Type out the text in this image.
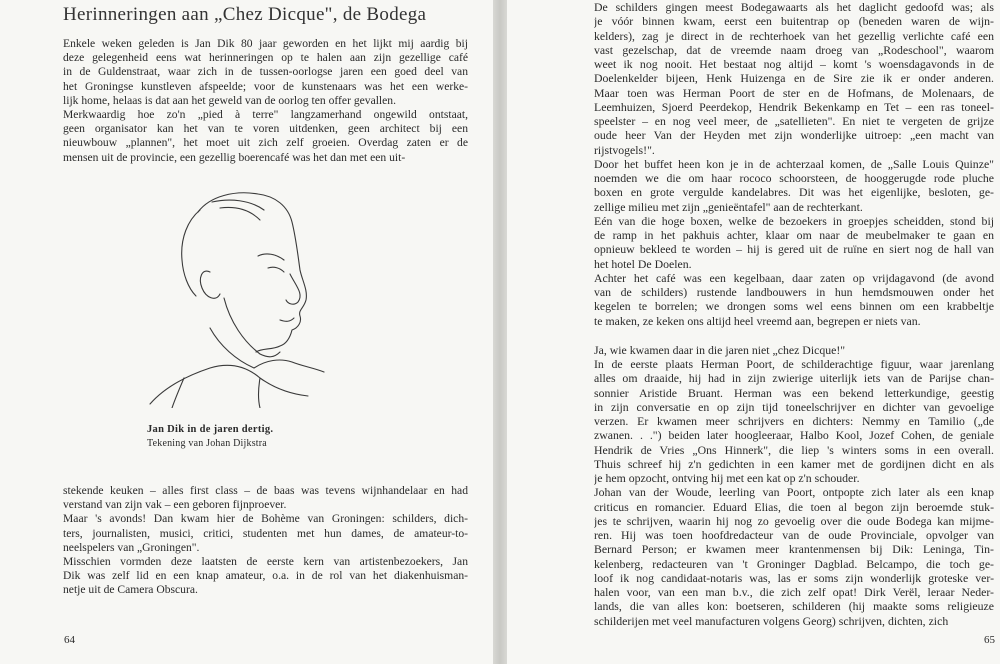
Herinneringen aan „Chez Dicque", de Bodega
Enkele weken geleden is Jan Dik 80 jaar geworden en het lijkt mij aardig bij
deze gelegenheid eens wat herinneringen op te halen aan zijn gezellige café
in de Guldenstraat, waar zich in de tussen-oorlogse jaren een goed deel van
het Groningse kunstleven afspeelde; voor de kunstenaars was het een werke-
lijk home, helaas is dat aan het geweld van de oorlog ten offer gevallen.
Merkwaardig hoe zo'n „pied à terre" langzamerhand ongewild ontstaat,
geen organisator kan het van te voren uitdenken, geen architect bij een
nieuwbouw „plannen", het moet uit zich zelf groeien. Overdag zaten er de
mensen uit de provincie, een gezellig boerencafé was het dan met een uit-
Jan Dik in de jaren dertig.
Tekening van Johan Dijkstra
stekende keuken – alles first class – de baas was tevens wijnhandelaar en had
verstand van zijn vak – een geboren fijnproever.
Maar 's avonds! Dan kwam hier de Bohème van Groningen: schilders, dich-
ters, journalisten, musici, critici, studenten met hun dames, de amateur-to-
neelspelers van „Groningen".
Misschien vormden deze laatsten de eerste kern van artistenbezoekers, Jan
Dik was zelf lid en een knap amateur, o.a. in de rol van het diakenhuisman-
netje uit de Camera Obscura.
64	65
De schilders gingen meest Bodegawaarts als het daglicht gedoofd was; als
je vóór binnen kwam, eerst een buitentrap op (beneden waren de wijn-
kelders), zag je direct in de rechterhoek van het gezellig verlichte café een
vast gezelschap, dat de vreemde naam droeg van „Rodeschool", waarom
weet ik nog nooit. Het bestaat nog altijd – komt 's woensdagavonds in de
Doelenkelder bijeen, Henk Huizenga en de Sire zie ik er onder anderen.
Maar toen was Herman Poort de ster en de Hofmans, de Molenaars, de
Leemhuizen, Sjoerd Peerdekop, Hendrik Bekenkamp en Tet – een ras toneel-
speelster – en nog veel meer, de „satellieten". En niet te vergeten de grijze
oude heer Van der Heyden met zijn wonderlijke uitroep: „een macht van
rijstvogels!".
Door het buffet heen kon je in de achterzaal komen, de „Salle Louis Quinze"
noemden we die om haar rococo schoorsteen, de hooggerugde rode pluche
boxen en grote vergulde kandelabres. Dit was het eigenlijke, besloten, ge-
zellige milieu met zijn „genieëntafel" aan de rechterkant.
Eén van die hoge boxen, welke de bezoekers in groepjes scheidden, stond bij
de ramp in het pakhuis achter, klaar om naar de meubelmaker te gaan en
opnieuw bekleed te worden – hij is gered uit de ruïne en siert nog de hall van
het hotel De Doelen.
Achter het café was een kegelbaan, daar zaten op vrijdagavond (de avond
van de schilders) rustende landbouwers in hun hemdsmouwen onder het
kegelen te borrelen; we drongen soms wel eens binnen om een krabbeltje
te maken, ze keken ons altijd heel vreemd aan, begrepen er niets van.
Ja, wie kwamen daar in die jaren niet „chez Dicque!"
In de eerste plaats Herman Poort, de schilderachtige figuur, waar jarenlang
alles om draaide, hij had in zijn zwierige uiterlijk iets van de Parijse chan-
sonnier Aristide Bruant. Herman was een bekend letterkundige, geestig
in zijn conversatie en op zijn tijd toneelschrijver en dichter van gevoelige
verzen. Er kwamen meer schrijvers en dichters: Nemmy en Tamilio („de
zwanen. . .") beiden later hoogleeraar, Halbo Kool, Jozef Cohen, de geniale
Hendrik de Vries „Ons Hinnerk", die liep 's winters soms in een overall.
Thuis schreef hij z'n gedichten in een kamer met de gordijnen dicht en als
je hem opzocht, ontving hij met een kat op z'n schouder.
Johan van der Woude, leerling van Poort, ontpopte zich later als een knap
criticus en romancier. Eduard Elias, die toen al begon zijn beroemde stuk-
jes te schrijven, waarin hij nog zo gevoelig over die oude Bodega kan mijme-
ren. Hij was toen hoofdredacteur van de oude Provinciale, opvolger van
Bernard Person; er kwamen meer krantenmensen bij Dik: Leninga, Tin-
kelenberg, redacteuren van 't Groninger Dagblad. Belcampo, die toch ge-
loof ik nog candidaat-notaris was, las er soms zijn wonderlijk groteske ver-
halen voor, van een man b.v., die zich zelf opat! Dirk Verël, leraar Neder-
lands, die van alles kon: boetseren, schilderen (hij maakte soms religieuze
schilderijen met veel manufacturen volgens Georg) schrijven, dichten, zich
